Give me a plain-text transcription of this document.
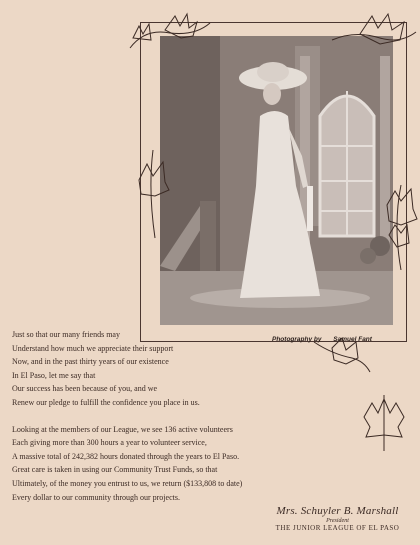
Photography by Samuel Fant
Just so that our many friends may
Understand how much we appreciate their support
Now, and in the past thirty years of our existence
In El Paso, let me say that
Our success has been because of you, and we
Renew our pledge to fulfill the confidence you place in us.
Looking at the members of our League, we see 136 active volunteers
Each giving more than 300 hours a year to volunteer service,
A massive total of 242,382 hours donated through the years to El Paso.
Great care is taken in using our Community Trust Funds, so that
Ultimately, of the money you entrust to us, we return ($133,808 to date)
Every dollar to our community through our projects.
Mrs. Schuyler B. Marshall
President
THE JUNIOR LEAGUE OF EL PASO
